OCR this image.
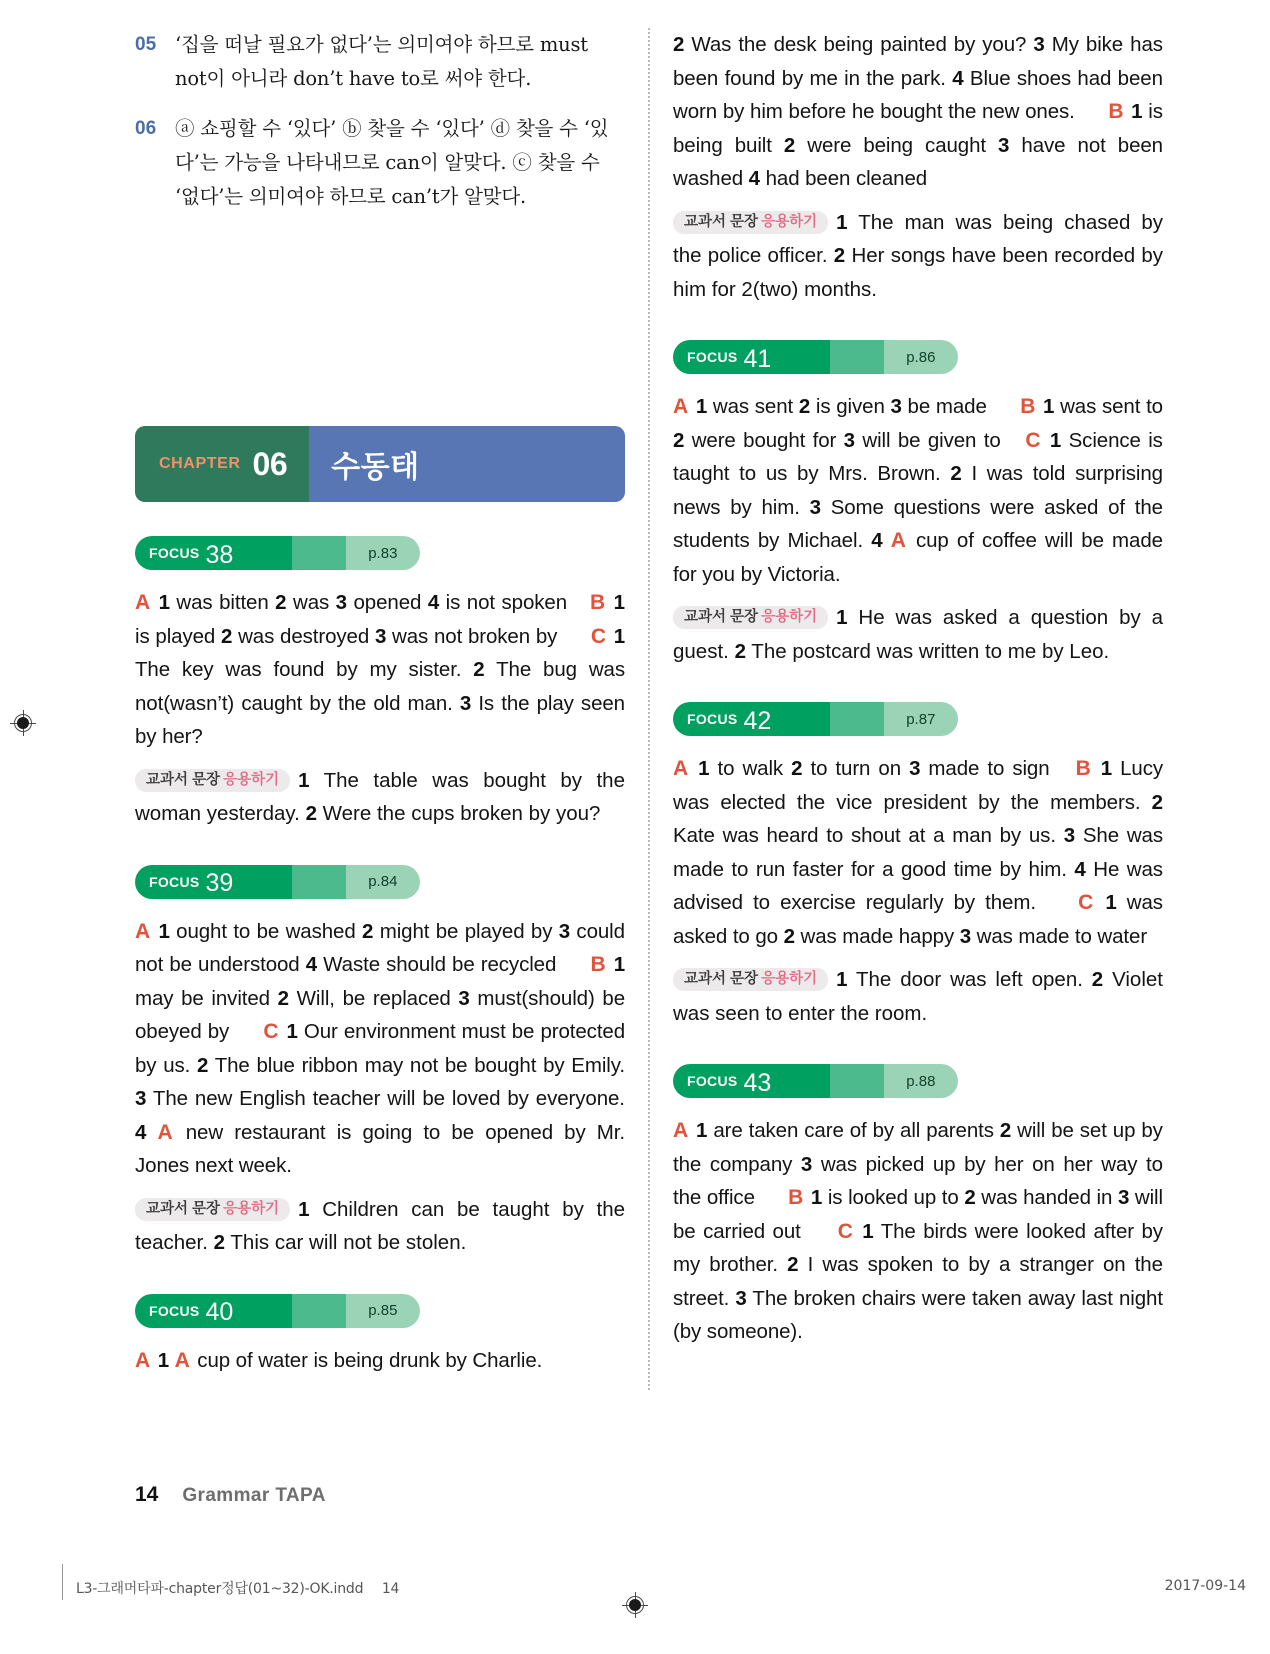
05 ‘집을 떠날 필요가 없다’는 의미여야 하므로 must not이 아니라 don’t have to로 써야 한다.
06 ⓐ 쇼핑할 수 ‘있다’ ⓑ 찾을 수 ‘있다’ ⓓ 찾을 수 ‘있다’는 가능을 나타내므로 can이 알맞다. ⓒ 찾을 수 ‘없다’는 의미여야 하므로 can’t가 알맞다.
CHAPTER 06 수동태
FOCUS 38	p.83
A 1 was bitten 2 was 3 opened 4 is not spoken B 1 is played 2 was destroyed 3 was not broken by C 1 The key was found by my sister. 2 The bug was not(wasn’t) caught by the old man. 3 Is the play seen by her?
교과서 문장 응용하기 1 The table was bought by the woman yesterday. 2 Were the cups broken by you?
FOCUS 39	p.84
A 1 ought to be washed 2 might be played by 3 could not be understood 4 Waste should be recycled B 1 may be invited 2 Will, be replaced 3 must(should) be obeyed by C 1 Our environment must be protected by us. 2 The blue ribbon may not be bought by Emily. 3 The new English teacher will be loved by everyone. 4 A new restaurant is going to be opened by Mr. Jones next week.
교과서 문장 응용하기 1 Children can be taught by the teacher. 2 This car will not be stolen.
FOCUS 40	p.85
A 1 A cup of water is being drunk by Charlie.
2 Was the desk being painted by you? 3 My bike has been found by me in the park. 4 Blue shoes had been worn by him before he bought the new ones. B 1 is being built 2 were being caught 3 have not been washed 4 had been cleaned
교과서 문장 응용하기 1 The man was being chased by the police officer. 2 Her songs have been recorded by him for 2(two) months.
FOCUS 41	p.86
A 1 was sent 2 is given 3 be made B 1 was sent to 2 were bought for 3 will be given to C 1 Science is taught to us by Mrs. Brown. 2 I was told surprising news by him. 3 Some questions were asked of the students by Michael. 4 A cup of coffee will be made for you by Victoria.
교과서 문장 응용하기 1 He was asked a question by a guest. 2 The postcard was written to me by Leo.
FOCUS 42	p.87
A 1 to walk 2 to turn on 3 made to sign B 1 Lucy was elected the vice president by the members. 2 Kate was heard to shout at a man by us. 3 She was made to run faster for a good time by him. 4 He was advised to exercise regularly by them. C 1 was asked to go 2 was made happy 3 was made to water
교과서 문장 응용하기 1 The door was left open. 2 Violet was seen to enter the room.
FOCUS 43	p.88
A 1 are taken care of by all parents 2 will be set up by the company 3 was picked up by her on her way to the office B 1 is looked up to 2 was handed in 3 will be carried out C 1 The birds were looked after by my brother. 2 I was spoken to by a stranger on the street. 3 The broken chairs were taken away last night (by someone).
14 Grammar TAPA
L3-그래머타파-chapter정답(01~32)-OK.indd 14	2017-09-14
